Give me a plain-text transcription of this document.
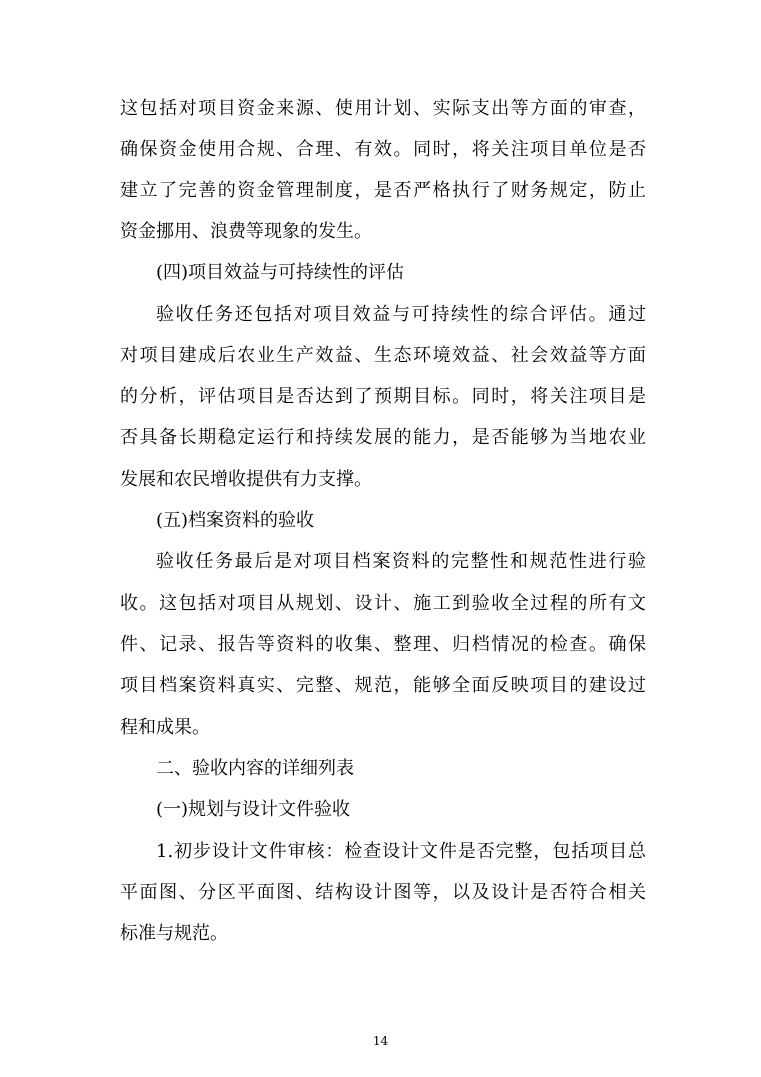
这包括对项目资金来源、使用计划、实际支出等方面的审查，
确保资金使用合规、合理、有效。同时，将关注项目单位是否
建立了完善的资金管理制度，是否严格执行了财务规定，防止
资金挪用、浪费等现象的发生。
(四)项目效益与可持续性的评估
验收任务还包括对项目效益与可持续性的综合评估。通过
对项目建成后农业生产效益、生态环境效益、社会效益等方面
的分析，评估项目是否达到了预期目标。同时，将关注项目是
否具备长期稳定运行和持续发展的能力，是否能够为当地农业
发展和农民增收提供有力支撑。
(五)档案资料的验收
验收任务最后是对项目档案资料的完整性和规范性进行验
收。这包括对项目从规划、设计、施工到验收全过程的所有文
件、记录、报告等资料的收集、整理、归档情况的检查。确保
项目档案资料真实、完整、规范，能够全面反映项目的建设过
程和成果。
二、验收内容的详细列表
(一)规划与设计文件验收
1.初步设计文件审核：检查设计文件是否完整，包括项目总
平面图、分区平面图、结构设计图等，以及设计是否符合相关
标准与规范。
14
